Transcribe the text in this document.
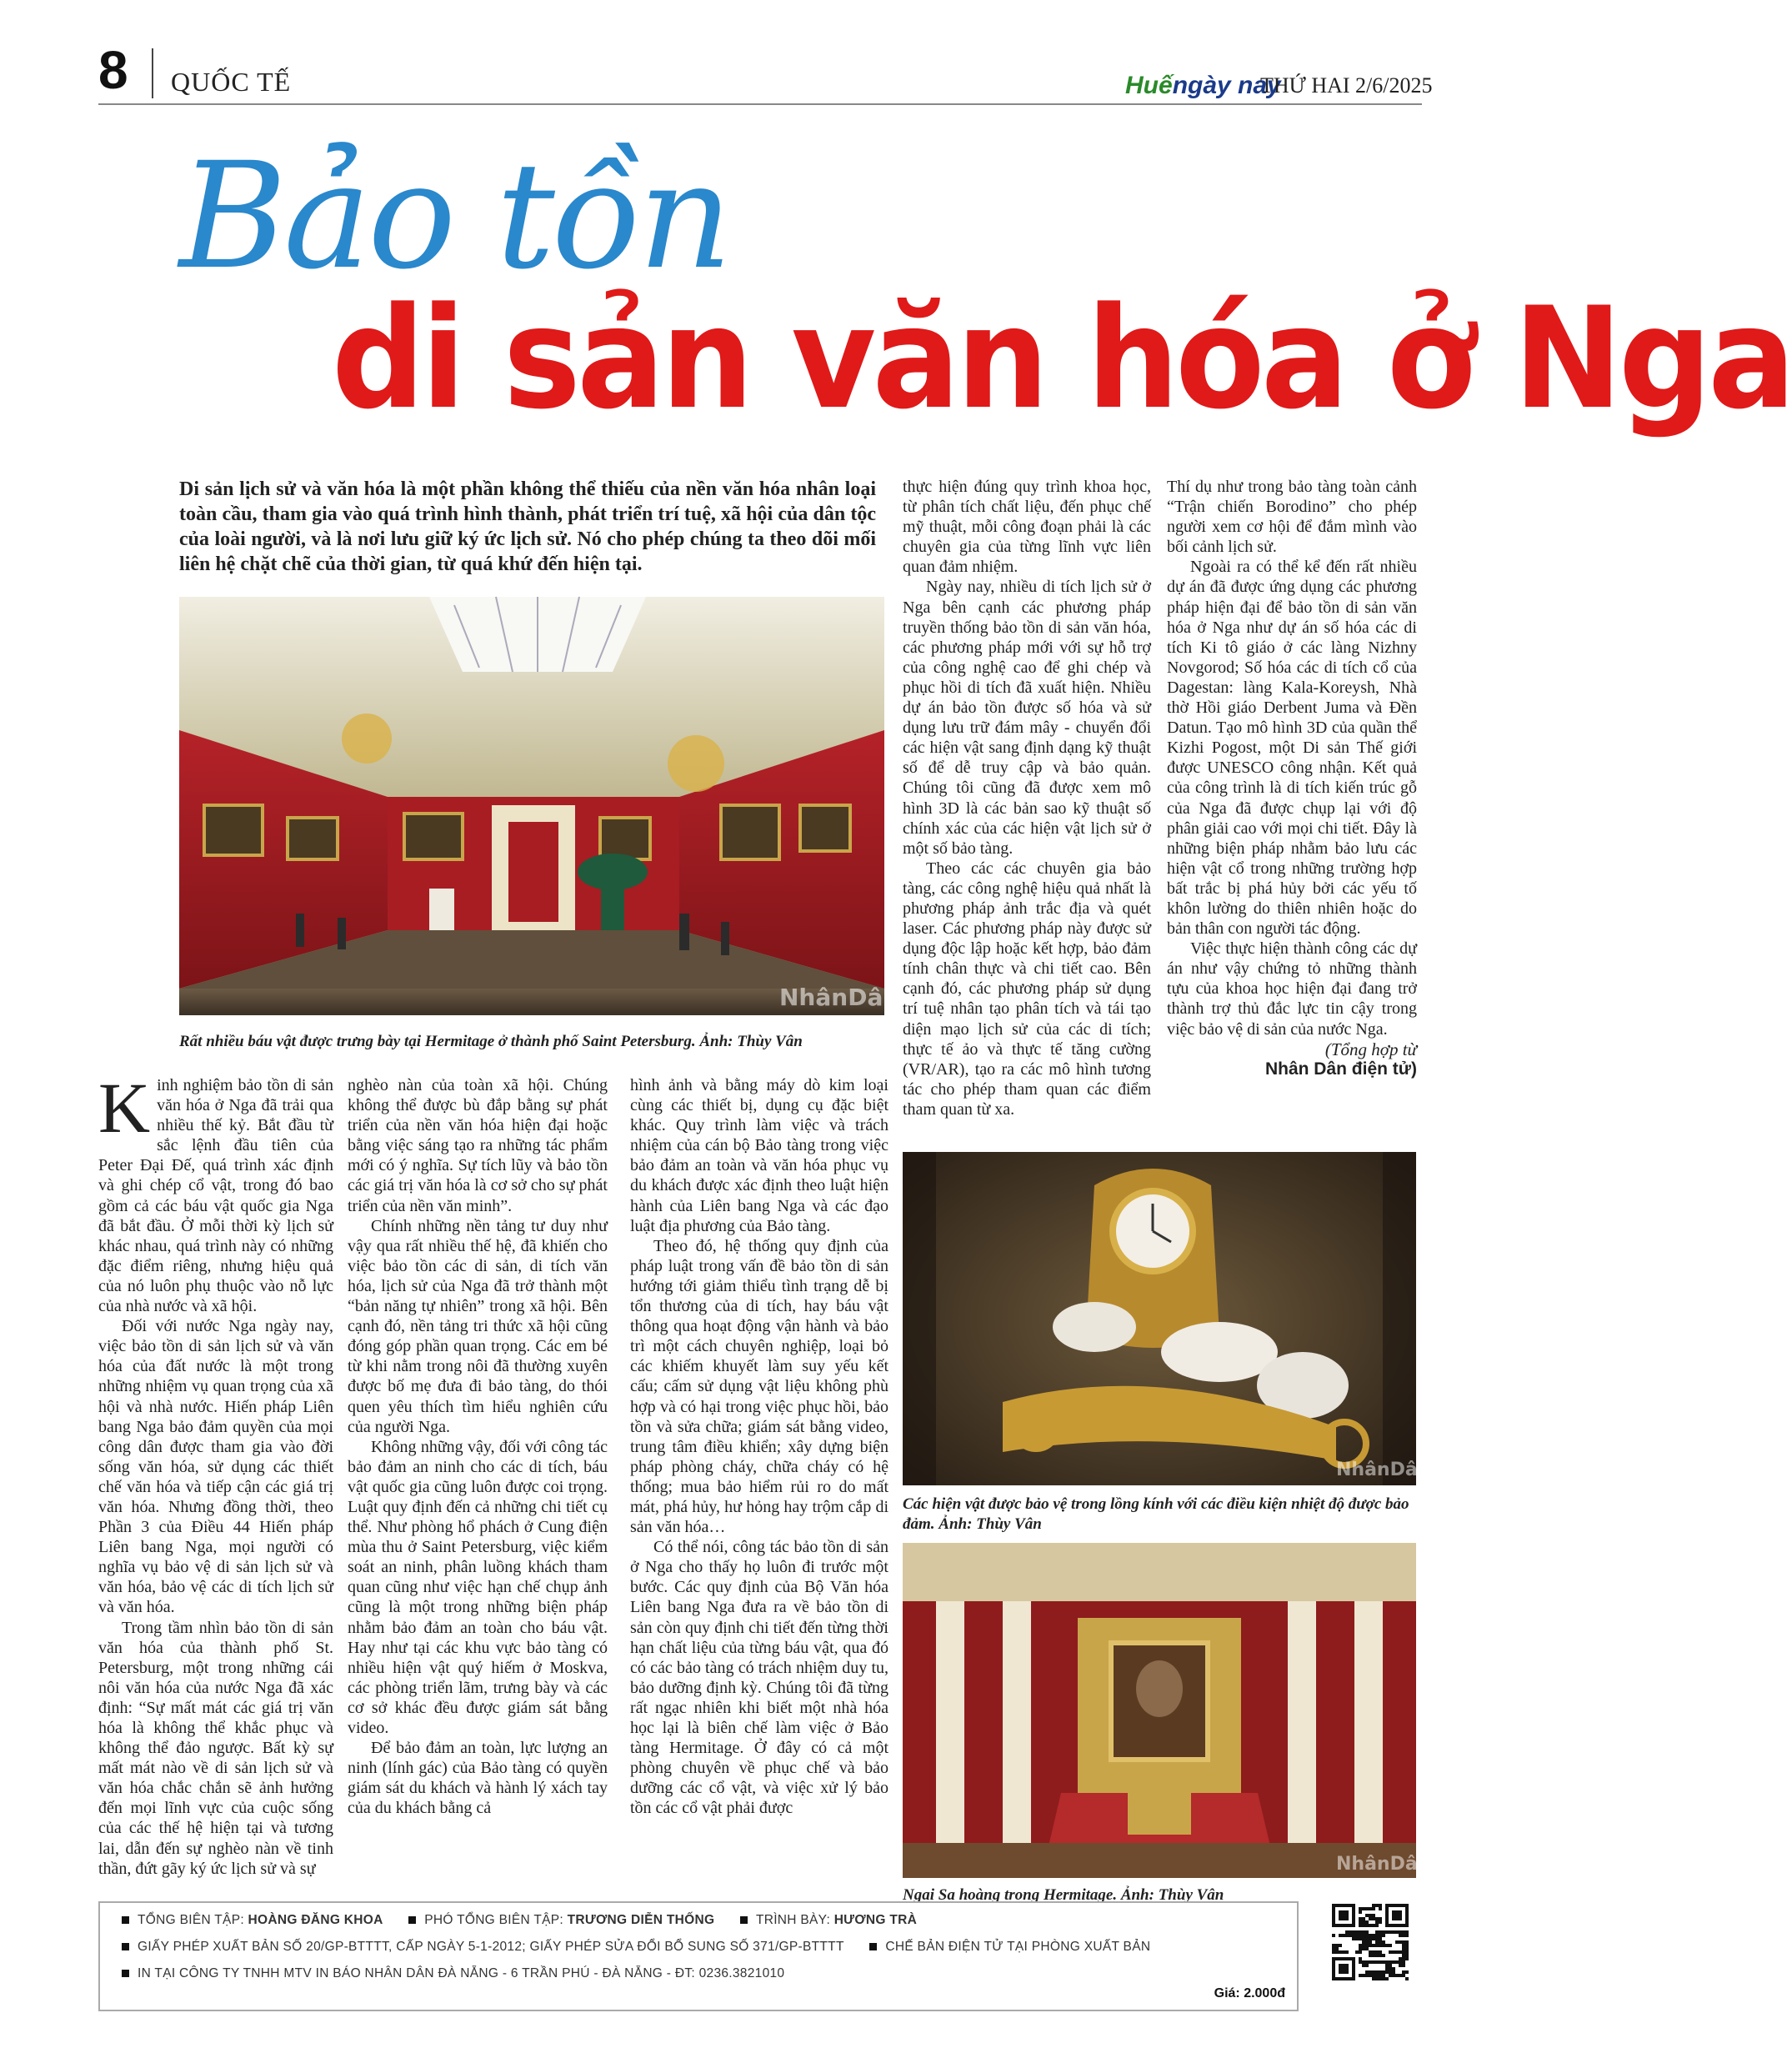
8 QUỐC TẾ	Huếngày nay
THỨ HAI 2/6/2025
Bảo tồn
di sản văn hóa ở Nga
Di sản lịch sử và văn hóa là một phần không thể thiếu của nền văn hóa nhân loại toàn cầu, tham gia vào quá trình hình thành, phát triển trí tuệ, xã hội của dân tộc của loài người, và là nơi lưu giữ ký ức lịch sử. Nó cho phép chúng ta theo dõi mối liên hệ chặt chẽ của thời gian, từ quá khứ đến hiện tại.
NhânDân
Rất nhiều báu vật được trưng bày tại Hermitage ở thành phố Saint Petersburg. Ảnh: Thùy Vân
NhânDân
Các hiện vật được bảo vệ trong lồng kính với các điều kiện nhiệt độ được bảo đảm. Ảnh: Thùy Vân
NhânDân
Ngai Sa hoàng trong Hermitage. Ảnh: Thùy Vân

Kinh nghiệm bảo tồn di sản văn hóa ở Nga đã trải qua nhiều thế kỷ. Bắt đầu từ sắc lệnh đầu tiên của Peter Đại Đế, quá trình xác định và ghi chép cổ vật, trong đó bao gồm cả các báu vật quốc gia Nga đã bắt đầu. Ở mỗi thời kỳ lịch sử khác nhau, quá trình này có những đặc điểm riêng, nhưng hiệu quả của nó luôn phụ thuộc vào nỗ lực của nhà nước và xã hội.

Đối với nước Nga ngày nay, việc bảo tồn di sản lịch sử và văn hóa của đất nước là một trong những nhiệm vụ quan trọng của xã hội và nhà nước. Hiến pháp Liên bang Nga bảo đảm quyền của mọi công dân được tham gia vào đời sống văn hóa, sử dụng các thiết chế văn hóa và tiếp cận các giá trị văn hóa. Nhưng đồng thời, theo Phần 3 của Điều 44 Hiến pháp Liên bang Nga, mọi người có nghĩa vụ bảo vệ di sản lịch sử và văn hóa, bảo vệ các di tích lịch sử và văn hóa.

Trong tầm nhìn bảo tồn di sản văn hóa của thành phố St. Petersburg, một trong những cái nôi văn hóa của nước Nga đã xác định: “Sự mất mát các giá trị văn hóa là không thể khắc phục và không thể đảo ngược. Bất kỳ sự mất mát nào về di sản lịch sử và văn hóa chắc chắn sẽ ảnh hưởng đến mọi lĩnh vực của cuộc sống của các thế hệ hiện tại và tương lai, dẫn đến sự nghèo nàn về tinh thần, đứt gãy ký ức lịch sử và sự

nghèo nàn của toàn xã hội. Chúng không thể được bù đắp bằng sự phát triển của nền văn hóa hiện đại hoặc bằng việc sáng tạo ra những tác phẩm mới có ý nghĩa. Sự tích lũy và bảo tồn các giá trị văn hóa là cơ sở cho sự phát triển của nền văn minh”.

Chính những nền tảng tư duy như vậy qua rất nhiều thế hệ, đã khiến cho việc bảo tồn các di sản, di tích văn hóa, lịch sử của Nga đã trở thành một “bản năng tự nhiên” trong xã hội. Bên cạnh đó, nền tảng tri thức xã hội cũng đóng góp phần quan trọng. Các em bé từ khi nằm trong nôi đã thường xuyên được bố mẹ đưa đi bảo tàng, do thói quen yêu thích tìm hiểu nghiên cứu của người Nga.

Không những vậy, đối với công tác bảo đảm an ninh cho các di tích, báu vật quốc gia cũng luôn được coi trọng. Luật quy định đến cả những chi tiết cụ thể. Như phòng hổ phách ở Cung điện mùa thu ở Saint Petersburg, việc kiểm soát an ninh, phân luồng khách tham quan cũng như việc hạn chế chụp ảnh cũng là một trong những biện pháp nhằm bảo đảm an toàn cho báu vật. Hay như tại các khu vực bảo tàng có nhiều hiện vật quý hiếm ở Moskva, các phòng triển lãm, trưng bày và các cơ sở khác đều được giám sát bằng video.

Để bảo đảm an toàn, lực lượng an ninh (lính gác) của Bảo tàng có quyền giám sát du khách và hành lý xách tay của du khách bằng cả

hình ảnh và bằng máy dò kim loại cùng các thiết bị, dụng cụ đặc biệt khác. Quy trình làm việc và trách nhiệm của cán bộ Bảo tàng trong việc bảo đảm an toàn và văn hóa phục vụ du khách được xác định theo luật hiện hành của Liên bang Nga và các đạo luật địa phương của Bảo tàng.

Theo đó, hệ thống quy định của pháp luật trong vấn đề bảo tồn di sản hướng tới giảm thiểu tình trạng dễ bị tổn thương của di tích, hay báu vật thông qua hoạt động vận hành và bảo trì một cách chuyên nghiệp, loại bỏ các khiếm khuyết làm suy yếu kết cấu; cấm sử dụng vật liệu không phù hợp và có hại trong việc phục hồi, bảo tồn và sửa chữa; giám sát bằng video, trung tâm điều khiển; xây dựng biện pháp phòng cháy, chữa cháy có hệ thống; mua bảo hiểm rủi ro do mất mát, phá hủy, hư hỏng hay trộm cắp di sản văn hóa…

Có thể nói, công tác bảo tồn di sản ở Nga cho thấy họ luôn đi trước một bước. Các quy định của Bộ Văn hóa Liên bang Nga đưa ra về bảo tồn di sản còn quy định chi tiết đến từng thời hạn chất liệu của từng báu vật, qua đó có các bảo tàng có trách nhiệm duy tu, bảo dưỡng định kỳ. Chúng tôi đã từng rất ngạc nhiên khi biết một nhà hóa học lại là biên chế làm việc ở Bảo tàng Hermitage. Ở đây có cả một phòng chuyên về phục chế và bảo dưỡng các cổ vật, và việc xử lý bảo tồn các cổ vật phải được

thực hiện đúng quy trình khoa học, từ phân tích chất liệu, đến phục chế mỹ thuật, mỗi công đoạn phải là các chuyên gia của từng lĩnh vực liên quan đảm nhiệm.

Ngày nay, nhiều di tích lịch sử ở Nga bên cạnh các phương pháp truyền thống bảo tồn di sản văn hóa, các phương pháp mới với sự hỗ trợ của công nghệ cao để ghi chép và phục hồi di tích đã xuất hiện. Nhiều dự án bảo tồn được số hóa và sử dụng lưu trữ đám mây - chuyển đổi các hiện vật sang định dạng kỹ thuật số để dễ truy cập và bảo quản. Chúng tôi cũng đã được xem mô hình 3D là các bản sao kỹ thuật số chính xác của các hiện vật lịch sử ở một số bảo tàng.

Theo các các chuyên gia bảo tàng, các công nghệ hiệu quả nhất là phương pháp ảnh trắc địa và quét laser. Các phương pháp này được sử dụng độc lập hoặc kết hợp, bảo đảm tính chân thực và chi tiết cao. Bên cạnh đó, các phương pháp sử dụng trí tuệ nhân tạo phân tích và tái tạo diện mạo lịch sử của các di tích; thực tế ảo và thực tế tăng cường (VR/AR), tạo ra các mô hình tương tác cho phép tham quan các điểm tham quan từ xa.

Thí dụ như trong bảo tàng toàn cảnh “Trận chiến Borodino” cho phép người xem cơ hội để đắm mình vào bối cảnh lịch sử.

Ngoài ra có thể kể đến rất nhiều dự án đã được ứng dụng các phương pháp hiện đại để bảo tồn di sản văn hóa ở Nga như dự án số hóa các di tích Ki tô giáo ở các làng Nizhny Novgorod; Số hóa các di tích cổ của Dagestan: làng Kala-Koreysh, Nhà thờ Hồi giáo Derbent Juma và Đền Datun. Tạo mô hình 3D của quần thể Kizhi Pogost, một Di sản Thế giới được UNESCO công nhận. Kết quả của công trình là di tích kiến trúc gỗ của Nga đã được chụp lại với độ phân giải cao với mọi chi tiết. Đây là những biện pháp nhằm bảo lưu các hiện vật cổ trong những trường hợp bất trắc bị phá hủy bởi các yếu tố khôn lường do thiên nhiên hoặc do bản thân con người tác động.

Việc thực hiện thành công các dự án như vậy chứng tỏ những thành tựu của khoa học hiện đại đang trở thành trợ thủ đắc lực tin cậy trong việc bảo vệ di sản của nước Nga.

(Tổng hợp từ
Nhân Dân điện tử)
TỔNG BIÊN TẬP: HOÀNG ĐĂNG KHOA	PHÓ TỔNG BIÊN TẬP: TRƯƠNG DIỄN THỐNG	TRÌNH BÀY: HƯƠNG TRÀ
GIẤY PHÉP XUẤT BẢN SỐ 20/GP-BTTTT, CẤP NGÀY 5-1-2012; GIẤY PHÉP SỬA ĐỔI BỔ SUNG SỐ 371/GP-BTTTT	CHẾ BẢN ĐIỆN TỬ TẠI PHÒNG XUẤT BẢN
IN TẠI CÔNG TY TNHH MTV IN BÁO NHÂN DÂN ĐÀ NẴNG - 6 TRẦN PHÚ - ĐÀ NẴNG - ĐT: 0236.3821010
Giá: 2.000đ
